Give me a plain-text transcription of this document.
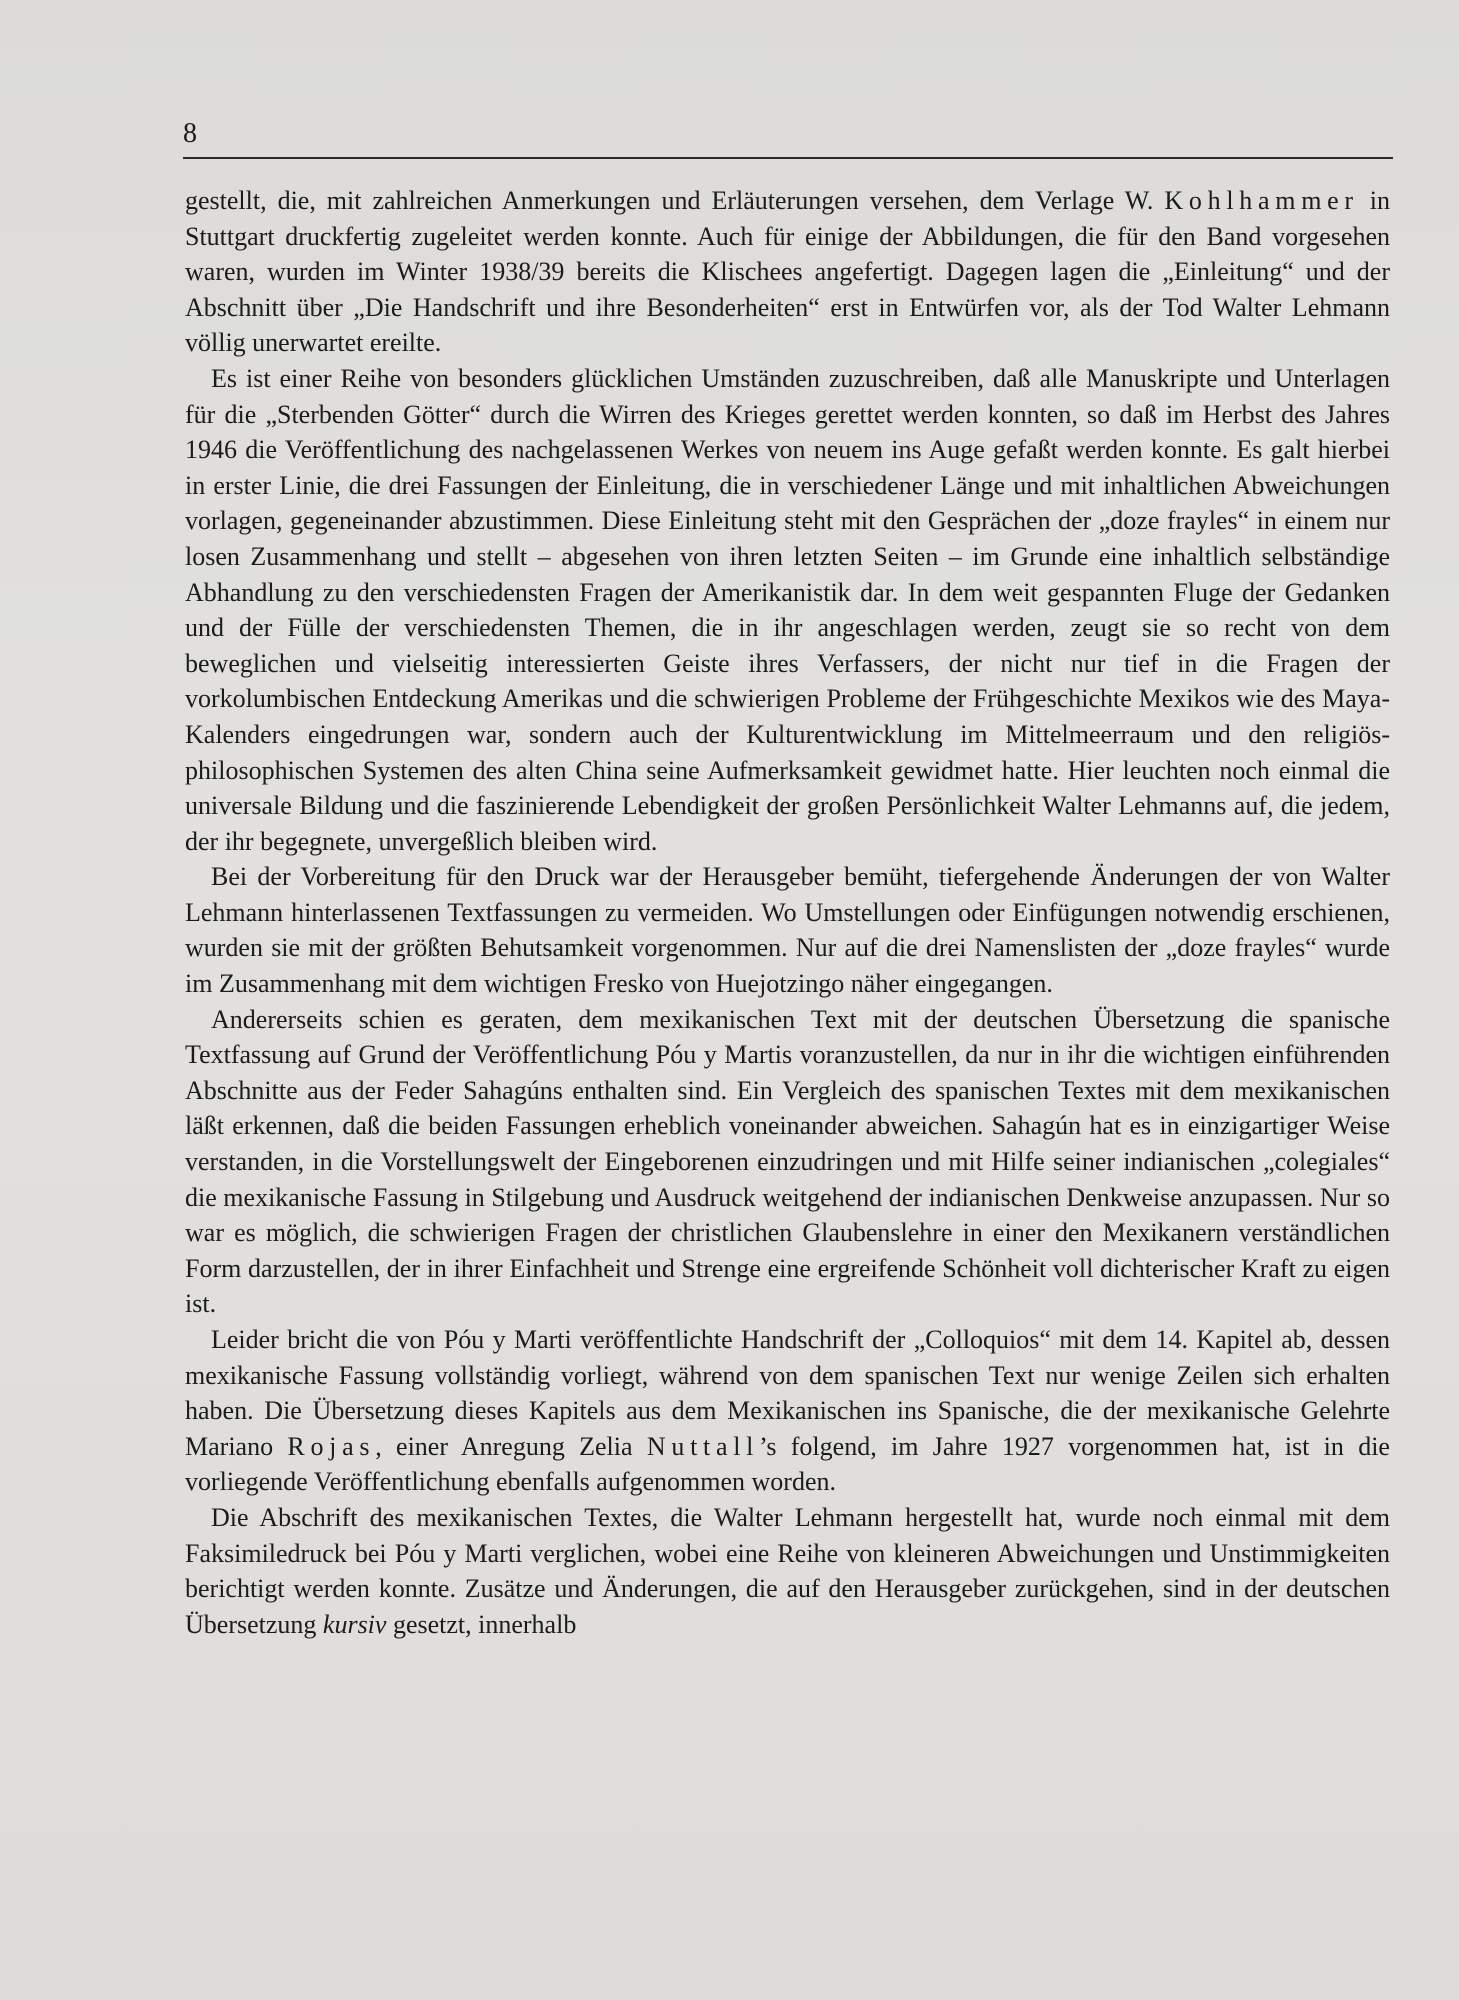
8

gestellt, die, mit zahlreichen Anmerkungen und Erläuterungen versehen, dem Verlage W. Kohlhammer in Stuttgart druckfertig zugeleitet werden konnte. Auch für einige der Abbildungen, die für den Band vorgesehen waren, wurden im Winter 1938/39 bereits die Klischees angefertigt. Dagegen lagen die „Einleitung“ und der Abschnitt über „Die Handschrift und ihre Besonderheiten“ erst in Entwürfen vor, als der Tod Walter Lehmann völlig unerwartet ereilte.

Es ist einer Reihe von besonders glücklichen Umständen zuzuschreiben, daß alle Manuskripte und Unterlagen für die „Sterbenden Götter“ durch die Wirren des Krieges gerettet werden konnten, so daß im Herbst des Jahres 1946 die Veröffentlichung des nachgelassenen Werkes von neuem ins Auge gefaßt werden konnte. Es galt hierbei in erster Linie, die drei Fassungen der Einleitung, die in verschiedener Länge und mit inhaltlichen Abweichungen vorlagen, gegeneinander abzustimmen. Diese Einleitung steht mit den Gesprächen der „doze frayles“ in einem nur losen Zusammenhang und stellt – abgesehen von ihren letzten Seiten – im Grunde eine inhaltlich selbständige Abhandlung zu den verschiedensten Fragen der Amerikanistik dar. In dem weit gespannten Fluge der Gedanken und der Fülle der verschiedensten Themen, die in ihr angeschlagen werden, zeugt sie so recht von dem beweglichen und vielseitig interessierten Geiste ihres Verfassers, der nicht nur tief in die Fragen der vorkolumbischen Entdeckung Amerikas und die schwierigen Probleme der Frühgeschichte Mexikos wie des Maya-Kalenders eingedrungen war, sondern auch der Kulturentwicklung im Mittelmeerraum und den religiös-philosophischen Systemen des alten China seine Aufmerksamkeit gewidmet hatte. Hier leuchten noch einmal die universale Bildung und die faszinierende Lebendigkeit der großen Persönlichkeit Walter Lehmanns auf, die jedem, der ihr begegnete, unvergeßlich bleiben wird.

Bei der Vorbereitung für den Druck war der Herausgeber bemüht, tiefergehende Änderungen der von Walter Lehmann hinterlassenen Textfassungen zu vermeiden. Wo Umstellungen oder Einfügungen notwendig erschienen, wurden sie mit der größten Behutsamkeit vorgenommen. Nur auf die drei Namenslisten der „doze frayles“ wurde im Zusammenhang mit dem wichtigen Fresko von Huejotzingo näher eingegangen.

Andererseits schien es geraten, dem mexikanischen Text mit der deutschen Übersetzung die spanische Textfassung auf Grund der Veröffentlichung Póu y Martis voranzustellen, da nur in ihr die wichtigen einführenden Abschnitte aus der Feder Sahagúns enthalten sind. Ein Vergleich des spanischen Textes mit dem mexikanischen läßt erkennen, daß die beiden Fassungen erheblich voneinander abweichen. Sahagún hat es in einzigartiger Weise verstanden, in die Vorstellungswelt der Eingeborenen einzudringen und mit Hilfe seiner indianischen „colegiales“ die mexikanische Fassung in Stilgebung und Ausdruck weitgehend der indianischen Denkweise anzupassen. Nur so war es möglich, die schwierigen Fragen der christlichen Glaubenslehre in einer den Mexikanern verständlichen Form darzustellen, der in ihrer Einfachheit und Strenge eine ergreifende Schönheit voll dichterischer Kraft zu eigen ist.

Leider bricht die von Póu y Marti veröffentlichte Handschrift der „Colloquios“ mit dem 14. Kapitel ab, dessen mexikanische Fassung vollständig vorliegt, während von dem spanischen Text nur wenige Zeilen sich erhalten haben. Die Übersetzung dieses Kapitels aus dem Mexikanischen ins Spanische, die der mexikanische Gelehrte Mariano Rojas, einer Anregung Zelia Nuttall’s folgend, im Jahre 1927 vorgenommen hat, ist in die vorliegende Veröffentlichung ebenfalls aufgenommen worden.

Die Abschrift des mexikanischen Textes, die Walter Lehmann hergestellt hat, wurde noch einmal mit dem Faksimiledruck bei Póu y Marti verglichen, wobei eine Reihe von kleineren Abweichungen und Unstimmigkeiten berichtigt werden konnte. Zusätze und Änderungen, die auf den Herausgeber zurückgehen, sind in der deutschen Übersetzung kursiv gesetzt, innerhalb
